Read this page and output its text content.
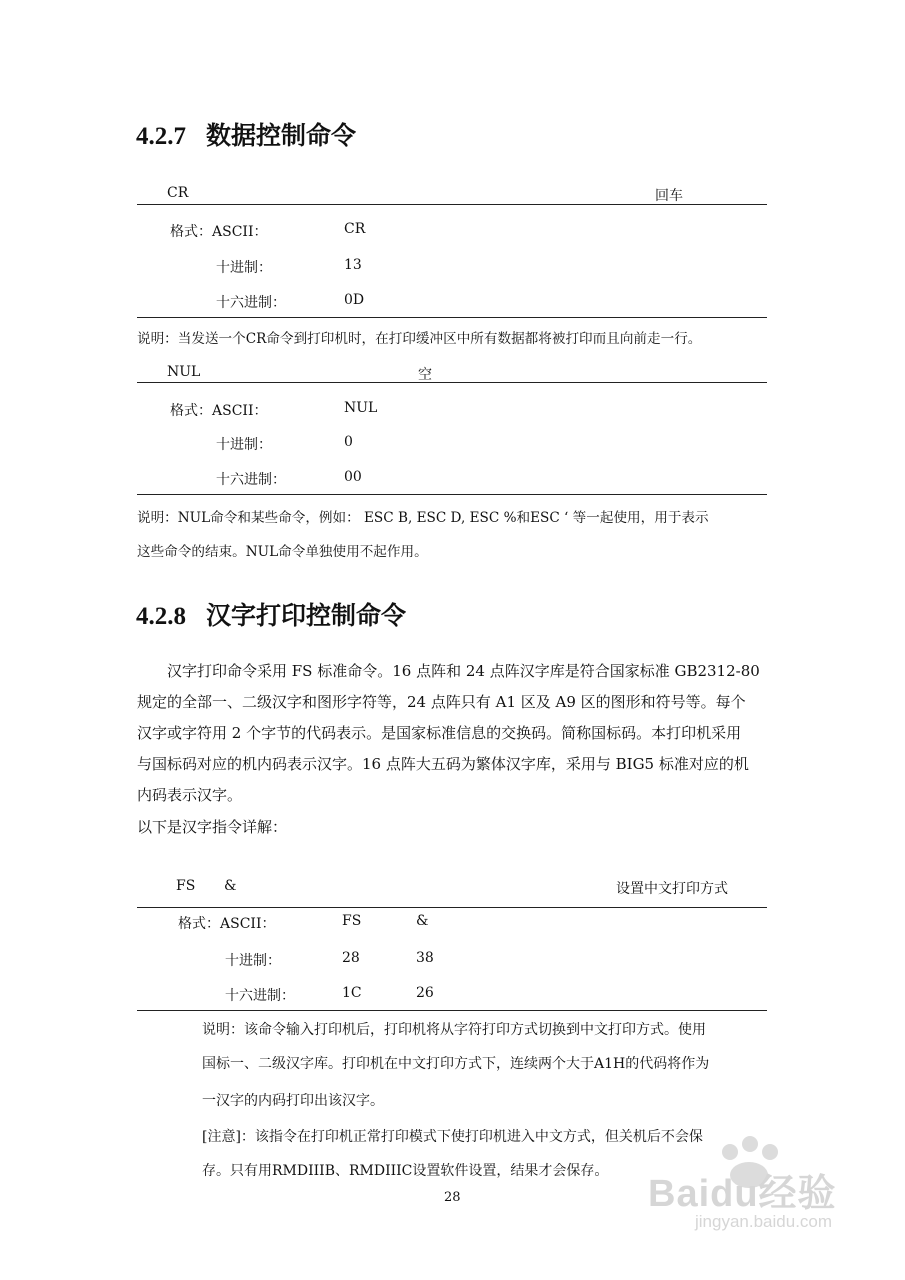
4.2.7 数据控制命令
CR	回车
格式：ASCII：	CR
十进制：	13
十六进制：	0D
说明：当发送一个CR命令到打印机时，在打印缓冲区中所有数据都将被打印而且向前走一行。
NUL	空
格式：ASCII：	NUL
十进制：	0
十六进制：	00
说明：NUL命令和某些命令，例如： ESC B, ESC D, ESC %和ESC ‘ 等一起使用，用于表示
这些命令的结束。NUL命令单独使用不起作用。
4.2.8 汉字打印控制命令
汉字打印命令采用 FS 标准命令。16 点阵和 24 点阵汉字库是符合国家标准 GB2312-80
规定的全部一、二级汉字和图形字符等，24 点阵只有 A1 区及 A9 区的图形和符号等。每个
汉字或字符用 2 个字节的代码表示。是国家标准信息的交换码。简称国标码。本打印机采用
与国标码对应的机内码表示汉字。16 点阵大五码为繁体汉字库，采用与 BIG5 标准对应的机
内码表示汉字。
以下是汉字指令详解：
FS &	设置中文打印方式
格式：ASCII：	FS	&
十进制：	28	38
十六进制：	1C	26
说明：该命令输入打印机后，打印机将从字符打印方式切换到中文打印方式。使用
国标一、二级汉字库。打印机在中文打印方式下，连续两个大于A1H的代码将作为
一汉字的内码打印出该汉字。
[注意]：该指令在打印机正常打印模式下使打印机进入中文方式，但关机后不会保
存。只有用RMDIIIB、RMDIIIC设置软件设置，结果才会保存。
28	Baidu经验
jingyan.baidu.com
